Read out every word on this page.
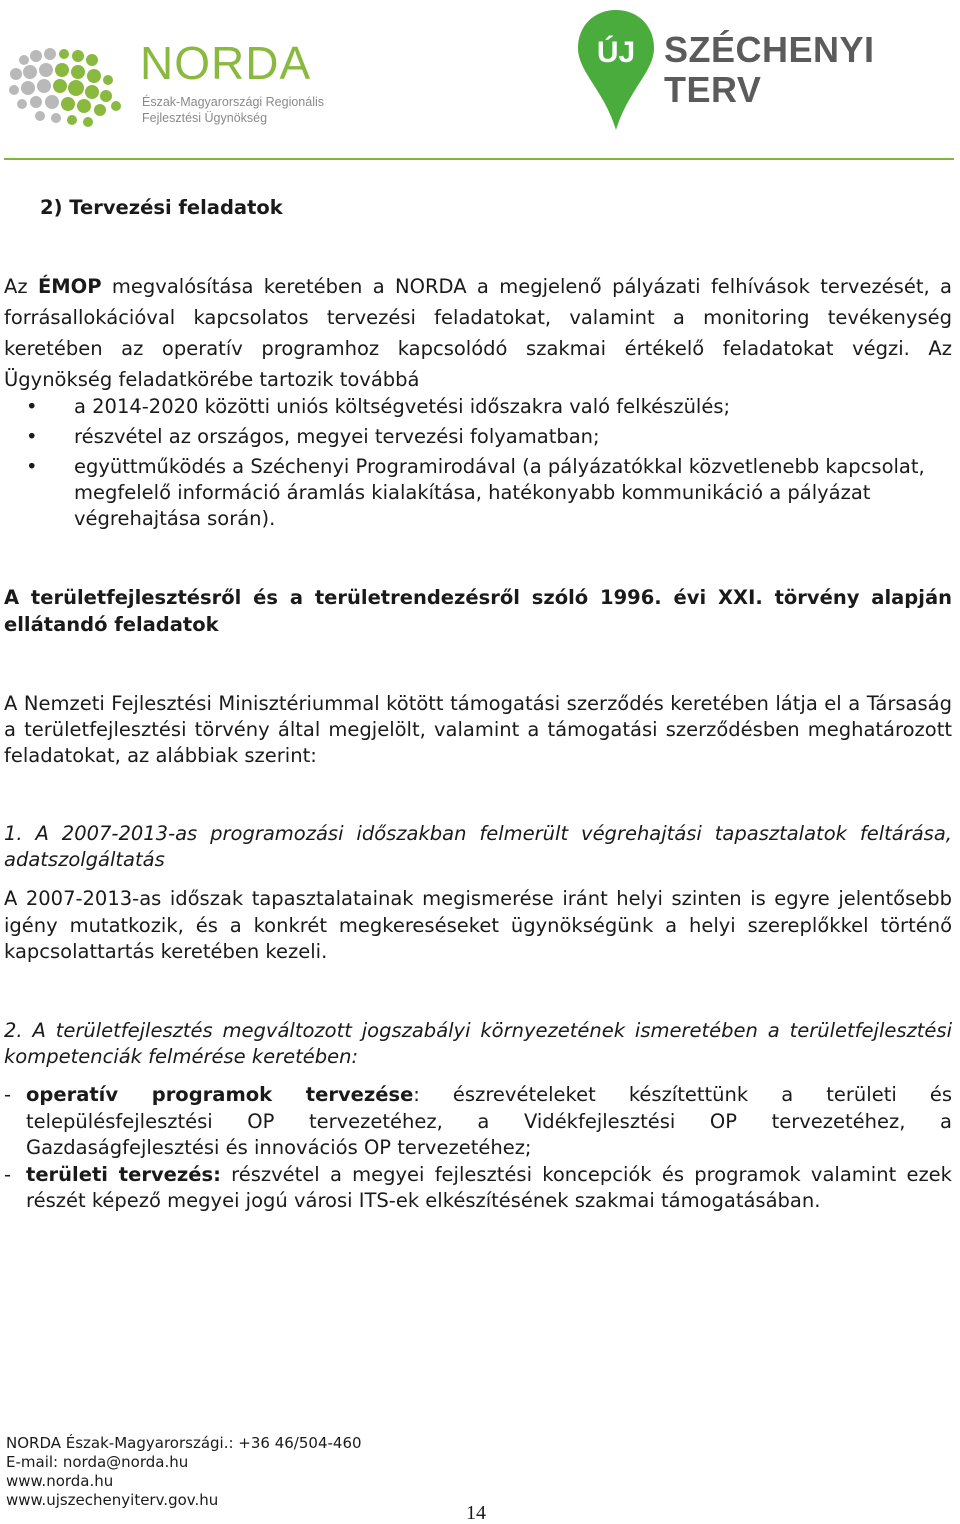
NORDA
Észak-Magyarországi Regionális
Fejlesztési Ügynökség
ÚJ SZÉCHENYI TERV
2) Tervezési feladatok
Az ÉMOP megvalósítása keretében a NORDA a megjelenő pályázati felhívások tervezését, a forrásallokációval kapcsolatos tervezési feladatokat, valamint a monitoring tevékenység keretében az operatív programhoz kapcsolódó szakmai értékelő feladatokat végzi. Az Ügynökség feladatkörébe tartozik továbbá
• a 2014-2020 közötti uniós költségvetési időszakra való felkészülés;
• részvétel az országos, megyei tervezési folyamatban;
• együttműködés a Széchenyi Programirodával (a pályázatókkal közvetlenebb kapcsolat, megfelelő információ áramlás kialakítása, hatékonyabb kommunikáció a pályázat végrehajtása során).
A területfejlesztésről és a területrendezésről szóló 1996. évi XXI. törvény alapján ellátandó feladatok
A Nemzeti Fejlesztési Minisztériummal kötött támogatási szerződés keretében látja el a Társaság a területfejlesztési törvény által megjelölt, valamint a támogatási szerződésben meghatározott feladatokat, az alábbiak szerint:
1. A 2007-2013-as programozási időszakban felmerült végrehajtási tapasztalatok feltárása, adatszolgáltatás
A 2007-2013-as időszak tapasztalatainak megismerése iránt helyi szinten is egyre jelentősebb igény mutatkozik, és a konkrét megkereséseket ügynökségünk a helyi szereplőkkel történő kapcsolattartás keretében kezeli.
2. A területfejlesztés megváltozott jogszabályi környezetének ismeretében a területfejlesztési kompetenciák felmérése keretében:
- operatív programok tervezése: észrevételeket készítettünk a területi és településfejlesztési OP tervezetéhez, a Vidékfejlesztési OP tervezetéhez, a Gazdaságfejlesztési és innovációs OP tervezetéhez;
- területi tervezés: részvétel a megyei fejlesztési koncepciók és programok valamint ezek részét képező megyei jogú városi ITS-ek elkészítésének szakmai támogatásában.
NORDA Észak-Magyarországi.: +36 46/504-460
E-mail: norda@norda.hu
www.norda.hu
www.ujszechenyiterv.gov.hu
14
